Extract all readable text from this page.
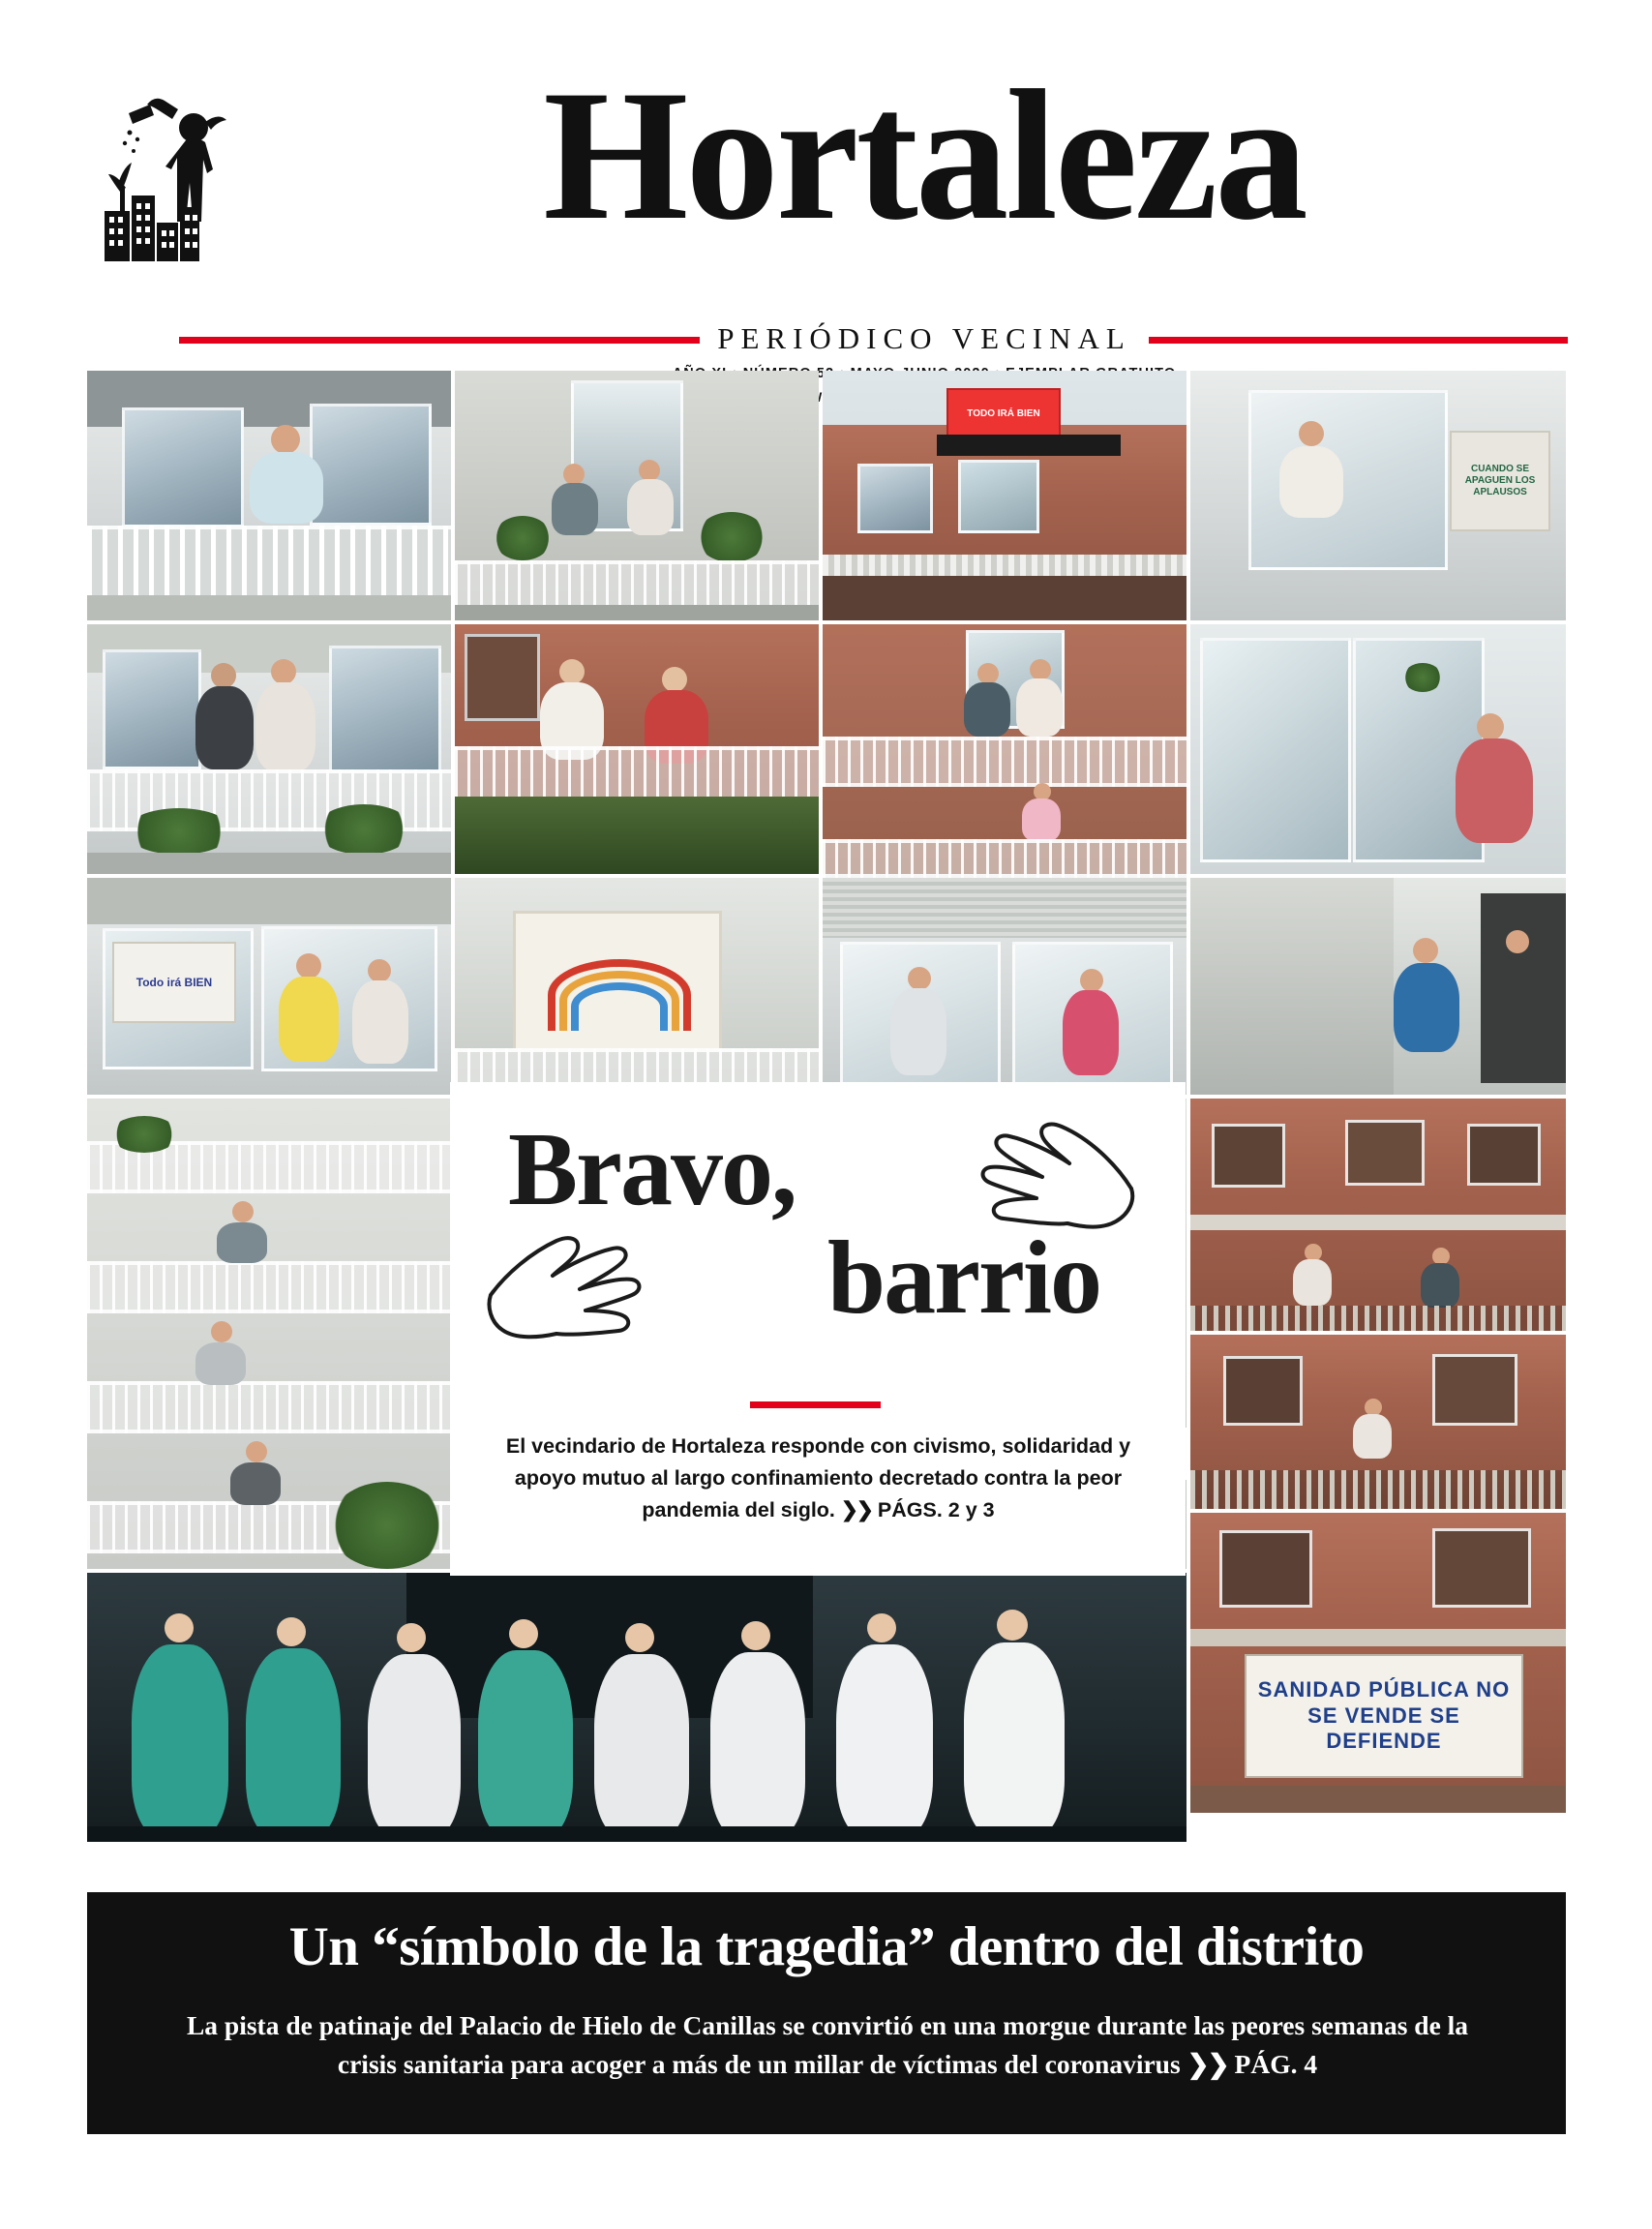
Hortaleza
PERIÓDICO VECINAL
TODO IRÁ BIEN
CUANDO SE APAGUEN LOS APLAUSOS	* FOTOS: SANDRA BLANCO
Todo irá BIEN
SANIDAD PÚBLICA NO SE VENDE SE DEFIENDE
Bravo,
barrio
El vecindario de Hortaleza responde con civismo, solidaridad y apoyo mutuo al largo confinamiento decretado contra la peor pandemia del siglo. ❯❯ PÁGS. 2 y 3
Un “símbolo de la tragedia” dentro del distrito
La pista de patinaje del Palacio de Hielo de Canillas se convirtió en una morgue durante las peores semanas de la crisis sanitaria para acoger a más de un millar de víctimas del coronavirus ❯❯ PÁG. 4
